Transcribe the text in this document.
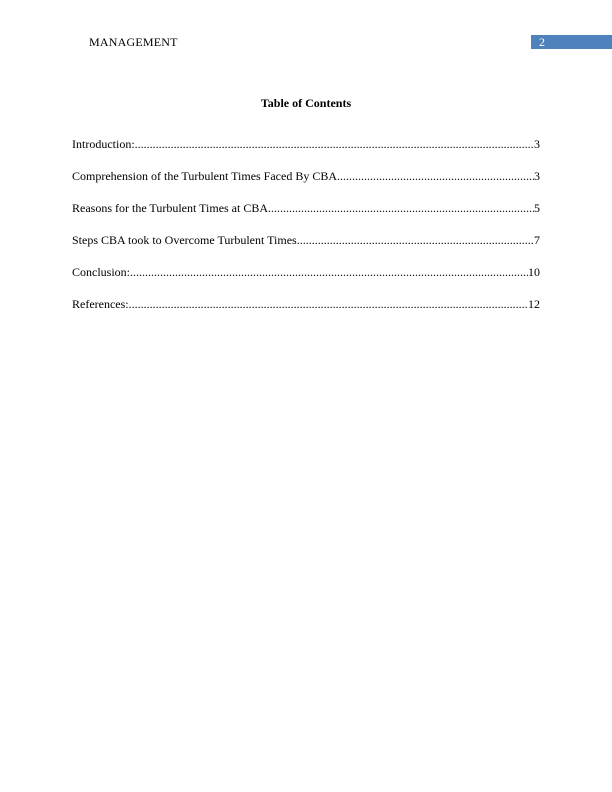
MANAGEMENT	2
Table of Contents
Introduction: .....	3
Comprehension of the Turbulent Times Faced By CBA .....	3
Reasons for the Turbulent Times at CBA .....	5
Steps CBA took to Overcome Turbulent Times .....	7
Conclusion: .....	10
References: .....	12
